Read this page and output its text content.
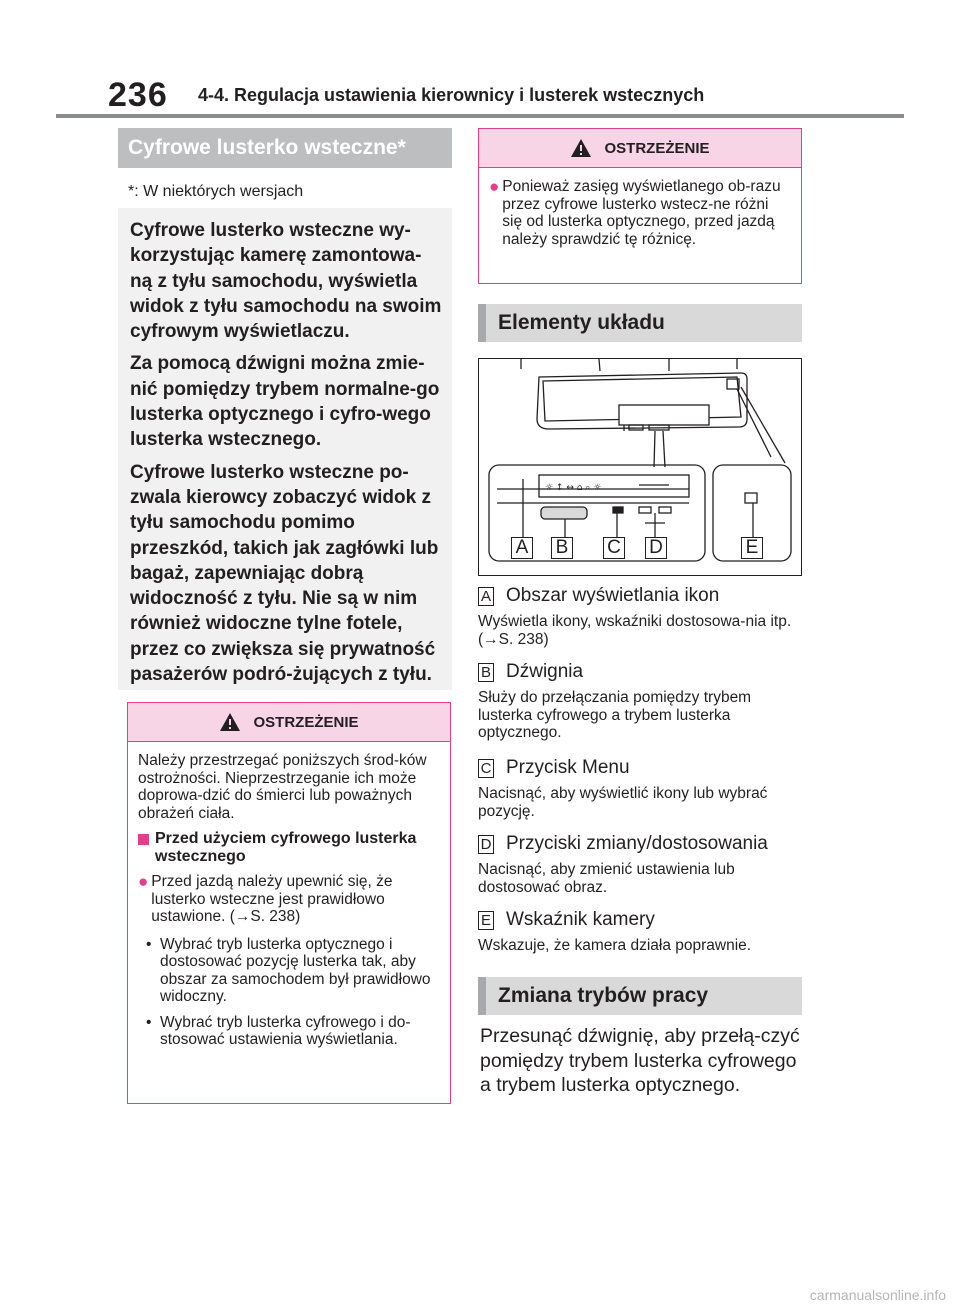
236 4-4. Regulacja ustawienia kierownicy i lusterek wstecznych
Cyfrowe lusterko wsteczne*
*: W niektórych wersjach

Cyfrowe lusterko wsteczne wy-korzystując kamerę zamontowa-ną z tyłu samochodu, wyświetla widok z tyłu samochodu na swoim cyfrowym wyświetlaczu.

Za pomocą dźwigni można zmie-nić pomiędzy trybem normalne-go lusterka optycznego i cyfro-wego lusterka wstecznego.

Cyfrowe lusterko wsteczne po-zwala kierowcy zobaczyć widok z tyłu samochodu pomimo przeszkód, takich jak zagłówki lub bagaż, zapewniając dobrą widoczność z tyłu. Nie są w nim również widoczne tylne fotele, przez co zwiększa się prywatność pasażerów podró-żujących z tyłu.

OSTRZEŻENIE

Należy przestrzegać poniższych środ-ków ostrożności. Nieprzestrzeganie ich może doprowa-dzić do śmierci lub poważnych obrażeń ciała.

Przed użyciem cyfrowego lusterka wstecznego
● Przed jazdą należy upewnić się, że lusterko wsteczne jest prawidłowo ustawione. (→S. 238)
• Wybrać tryb lusterka optycznego i dostosować pozycję lusterka tak, aby obszar za samochodem był prawidłowo widoczny.
• Wybrać tryb lusterka cyfrowego i do-stosować ustawienia wyświetlania.
OSTRZEŻENIE
● Ponieważ zasięg wyświetlanego ob-razu przez cyfrowe lusterko wstecz-ne różni się od lusterka optycznego, przed jazdą należy sprawdzić tę różnicę.
Elementy układu
☼ ↕ ↔ ⌂ ⌕ ☼
A B C D	E
A Obszar wyświetlania ikon
Wyświetla ikony, wskaźniki dostosowa-nia itp. (→S. 238)
B Dźwignia
Służy do przełączania pomiędzy trybem lusterka cyfrowego a trybem lusterka optycznego.
C Przycisk Menu
Nacisnąć, aby wyświetlić ikony lub wybrać pozycję.
D Przyciski zmiany/dostosowania
Nacisnąć, aby zmienić ustawienia lub dostosować obraz.
E Wskaźnik kamery
Wskazuje, że kamera działa poprawnie.
Zmiana trybów pracy
Przesunąć dźwignię, aby przełą-czyć pomiędzy trybem lusterka cyfrowego a trybem lusterka optycznego.
carmanualsonline.info
